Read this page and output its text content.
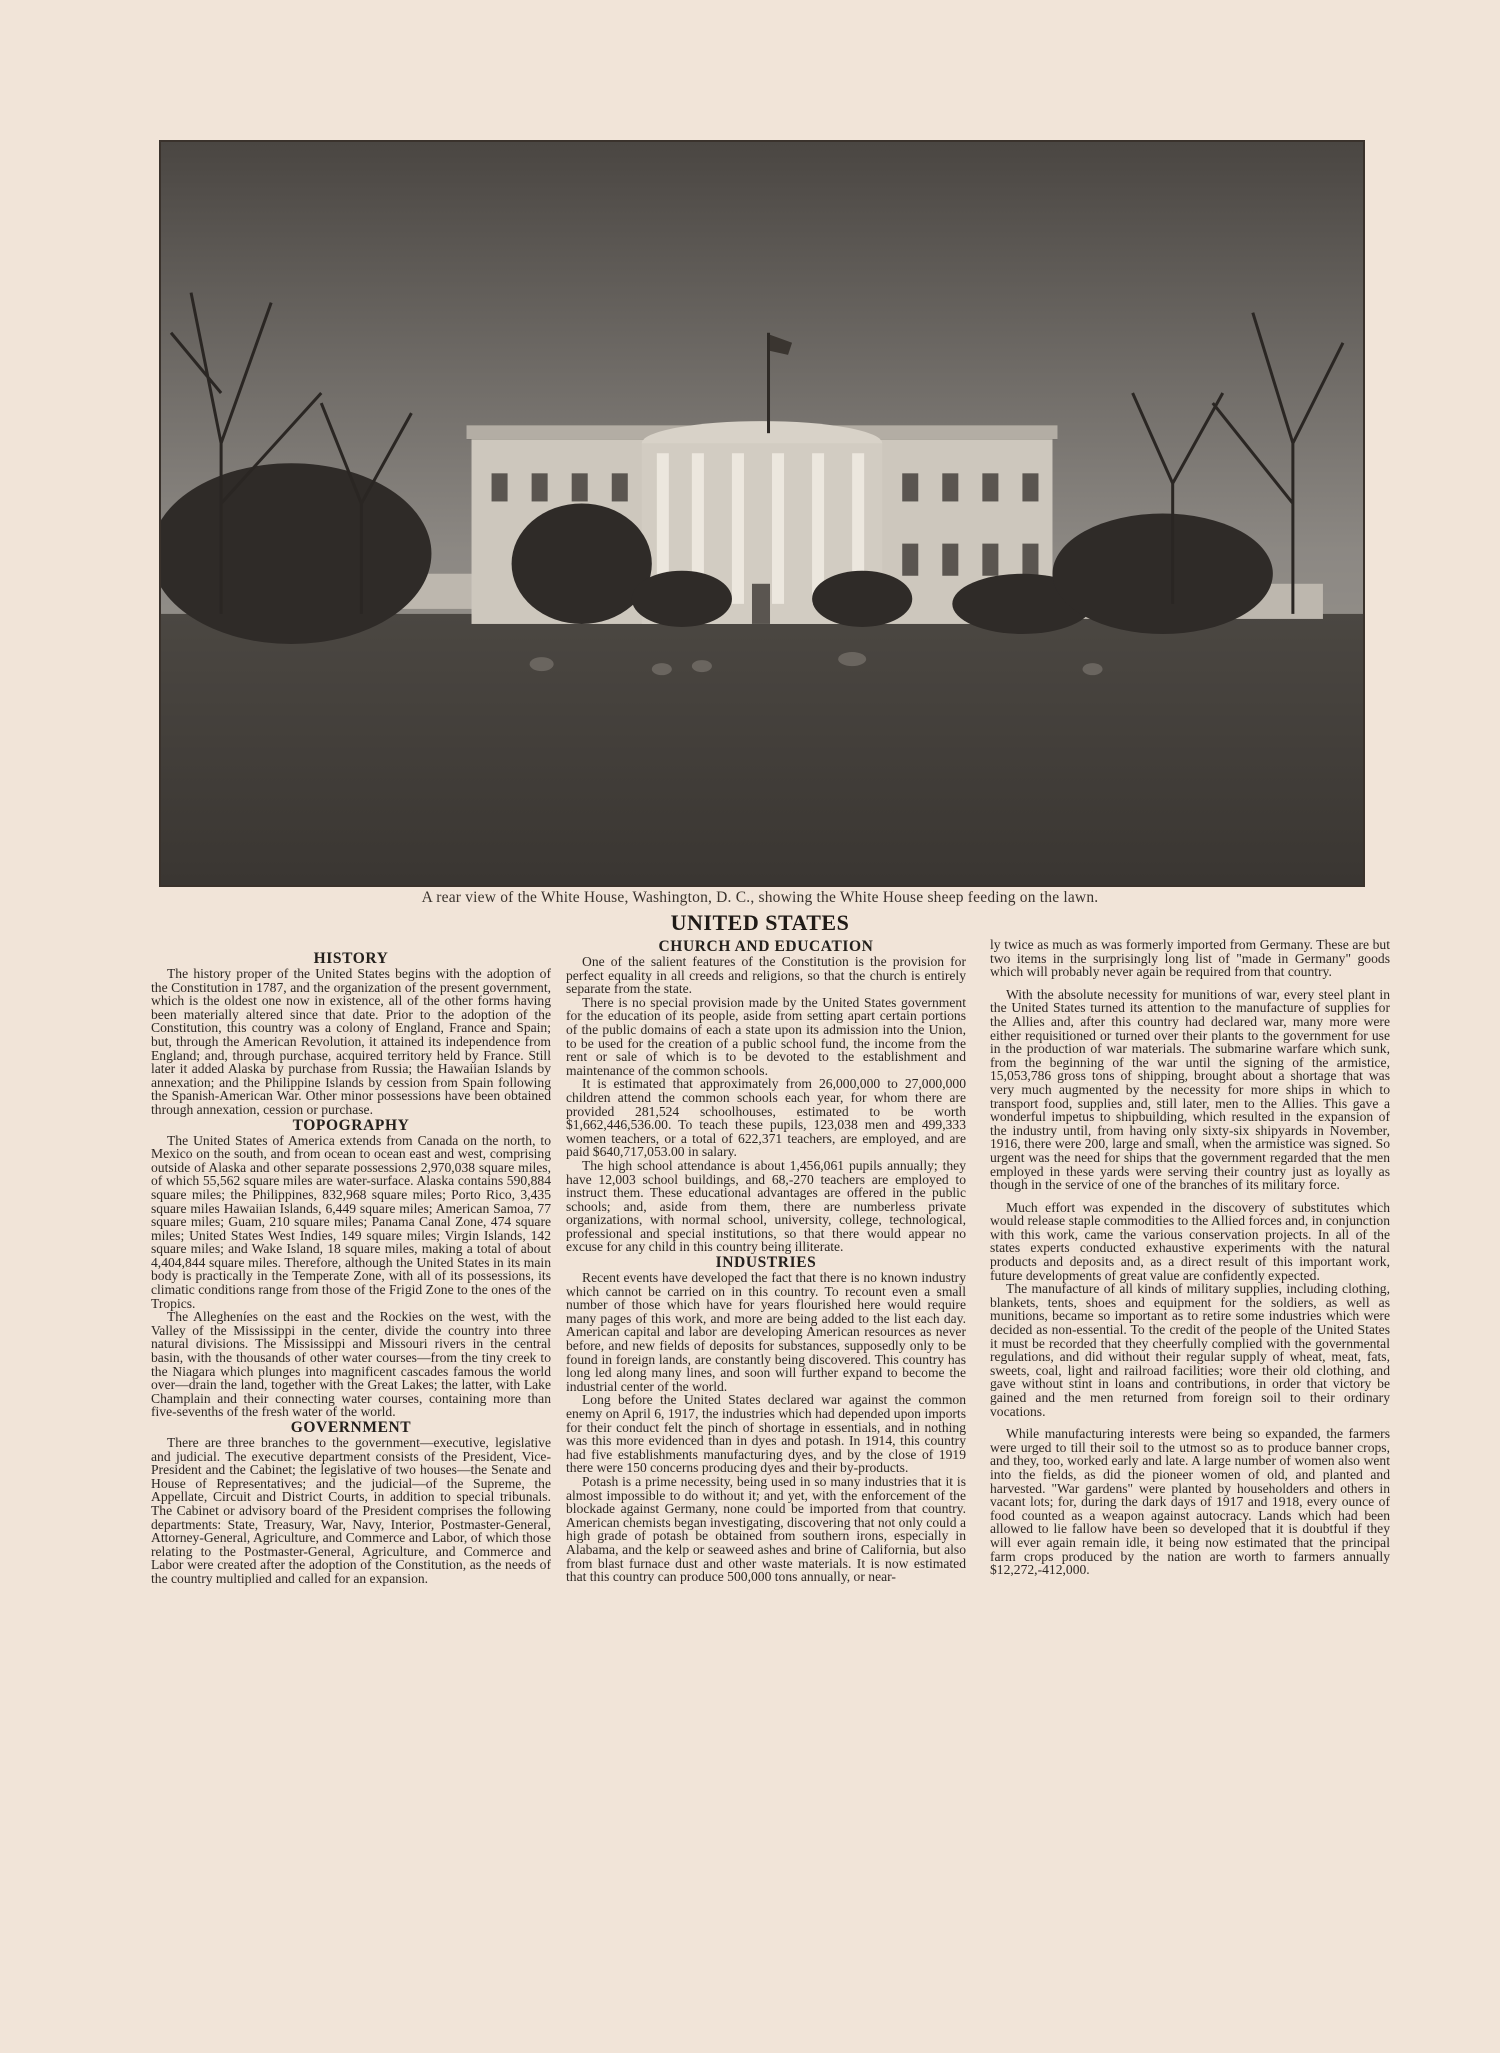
A rear view of the White House, Washington, D. C., showing the White House sheep feeding on the lawn.
UNITED STATES
HISTORY

The history proper of the United States begins with the adoption of the Constitution in 1787, and the organization of the present government, which is the oldest one now in existence, all of the other forms having been materially altered since that date. Prior to the adoption of the Constitution, this country was a colony of England, France and Spain; but, through the American Revolution, it attained its independence from England; and, through purchase, acquired territory held by France. Still later it added Alaska by purchase from Russia; the Hawaiian Islands by annexation; and the Philippine Islands by cession from Spain following the Spanish-American War. Other minor possessions have been obtained through annexation, cession or purchase.

TOPOGRAPHY

The United States of America extends from Canada on the north, to Mexico on the south, and from ocean to ocean east and west, comprising outside of Alaska and other separate possessions 2,970,038 square miles, of which 55,562 square miles are water-surface. Alaska contains 590,884 square miles; the Philippines, 832,968 square miles; Porto Rico, 3,435 square miles Hawaiian Islands, 6,449 square miles; American Samoa, 77 square miles; Guam, 210 square miles; Panama Canal Zone, 474 square miles; United States West Indies, 149 square miles; Virgin Islands, 142 square miles; and Wake Island, 18 square miles, making a total of about 4,404,844 square miles. Therefore, although the United States in its main body is practically in the Temperate Zone, with all of its possessions, its climatic conditions range from those of the Frigid Zone to the ones of the Tropics.

The Allegheníes on the east and the Rockies on the west, with the Valley of the Mississippi in the center, divide the country into three natural divisions. The Mississippi and Missouri rivers in the central basin, with the thousands of other water courses—from the tiny creek to the Niagara which plunges into magnificent cascades famous the world over—drain the land, together with the Great Lakes; the latter, with Lake Champlain and their connecting water courses, containing more than five-sevenths of the fresh water of the world.

GOVERNMENT

There are three branches to the government—executive, legislative and judicial. The executive department consists of the President, Vice-President and the Cabinet; the legislative of two houses—the Senate and House of Representatives; and the judicial—of the Supreme, the Appellate, Circuit and District Courts, in addition to special tribunals. The Cabinet or advisory board of the President comprises the following departments: State, Treasury, War, Navy, Interior, Postmaster-General, Attorney-General, Agriculture, and Commerce and Labor, of which those relating to the Postmaster-General, Agriculture, and Commerce and Labor were created after the adoption of the Constitution, as the needs of the country multiplied and called for an expansion.

CHURCH AND EDUCATION

One of the salient features of the Constitution is the provision for perfect equality in all creeds and religions, so that the church is entirely separate from the state.

There is no special provision made by the United States government for the education of its people, aside from setting apart certain portions of the public domains of each a state upon its admission into the Union, to be used for the creation of a public school fund, the income from the rent or sale of which is to be devoted to the establishment and maintenance of the common schools.

It is estimated that approximately from 26,000,000 to 27,000,000 children attend the common schools each year, for whom there are provided 281,524 schoolhouses, estimated to be worth $1,662,446,536.00. To teach these pupils, 123,038 men and 499,333 women teachers, or a total of 622,371 teachers, are employed, and are paid $640,717,053.00 in salary.

The high school attendance is about 1,456,061 pupils annually; they have 12,003 school buildings, and 68,-270 teachers are employed to instruct them. These educational advantages are offered in the public schools; and, aside from them, there are numberless private organizations, with normal school, university, college, technological, professional and special institutions, so that there would appear no excuse for any child in this country being illiterate.

INDUSTRIES

Recent events have developed the fact that there is no known industry which cannot be carried on in this country. To recount even a small number of those which have for years flourished here would require many pages of this work, and more are being added to the list each day. American capital and labor are developing American resources as never before, and new fields of deposits for substances, supposedly only to be found in foreign lands, are constantly being discovered. This country has long led along many lines, and soon will further expand to become the industrial center of the world.

Long before the United States declared war against the common enemy on April 6, 1917, the industries which had depended upon imports for their conduct felt the pinch of shortage in essentials, and in nothing was this more evidenced than in dyes and potash. In 1914, this country had five establishments manufacturing dyes, and by the close of 1919 there were 150 concerns producing dyes and their by-products.

Potash is a prime necessity, being used in so many industries that it is almost impossible to do without it; and yet, with the enforcement of the blockade against Germany, none could be imported from that country. American chemists began investigating, discovering that not only could a high grade of potash be obtained from southern irons, especially in Alabama, and the kelp or seaweed ashes and brine of California, but also from blast furnace dust and other waste materials. It is now estimated that this country can produce 500,000 tons annually, or near-

ly twice as much as was formerly imported from Germany. These are but two items in the surprisingly long list of "made in Germany" goods which will probably never again be required from that country.

With the absolute necessity for munitions of war, every steel plant in the United States turned its attention to the manufacture of supplies for the Allies and, after this country had declared war, many more were either requisitioned or turned over their plants to the government for use in the production of war materials. The submarine warfare which sunk, from the beginning of the war until the signing of the armistice, 15,053,786 gross tons of shipping, brought about a shortage that was very much augmented by the necessity for more ships in which to transport food, supplies and, still later, men to the Allies. This gave a wonderful impetus to shipbuilding, which resulted in the expansion of the industry until, from having only sixty-six shipyards in November, 1916, there were 200, large and small, when the armistice was signed. So urgent was the need for ships that the government regarded that the men employed in these yards were serving their country just as loyally as though in the service of one of the branches of its military force.

Much effort was expended in the discovery of substitutes which would release staple commodities to the Allied forces and, in conjunction with this work, came the various conservation projects. In all of the states experts conducted exhaustive experiments with the natural products and deposits and, as a direct result of this important work, future developments of great value are confidently expected.

The manufacture of all kinds of military supplies, including clothing, blankets, tents, shoes and equipment for the soldiers, as well as munitions, became so important as to retire some industries which were decided as non-essential. To the credit of the people of the United States it must be recorded that they cheerfully complied with the governmental regulations, and did without their regular supply of wheat, meat, fats, sweets, coal, light and railroad facilities; wore their old clothing, and gave without stint in loans and contributions, in order that victory be gained and the men returned from foreign soil to their ordinary vocations.

While manufacturing interests were being so expanded, the farmers were urged to till their soil to the utmost so as to produce banner crops, and they, too, worked early and late. A large number of women also went into the fields, as did the pioneer women of old, and planted and harvested. "War gardens" were planted by householders and others in vacant lots; for, during the dark days of 1917 and 1918, every ounce of food counted as a weapon against autocracy. Lands which had been allowed to lie fallow have been so developed that it is doubtful if they will ever again remain idle, it being now estimated that the principal farm crops produced by the nation are worth to farmers annually $12,272,-412,000.
